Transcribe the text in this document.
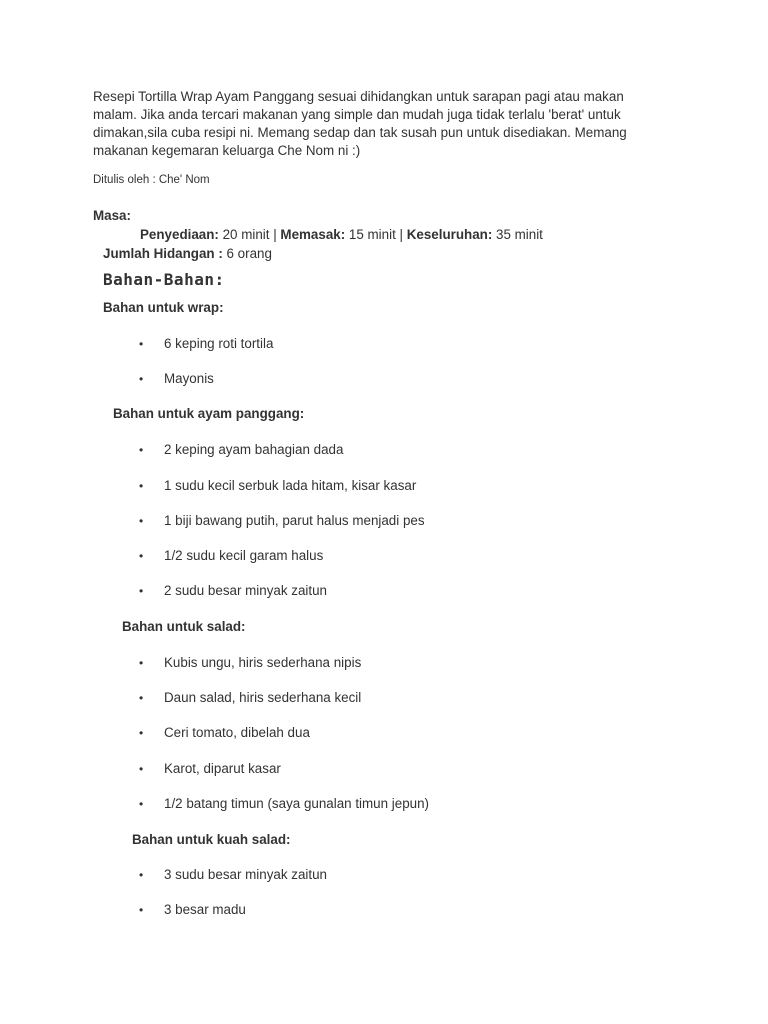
Resepi Tortilla Wrap Ayam Panggang sesuai dihidangkan untuk sarapan pagi atau makan malam. Jika anda tercari makanan yang simple dan mudah juga tidak terlalu 'berat' untuk dimakan,sila cuba resipi ni. Memang sedap dan tak susah pun untuk disediakan. Memang makanan kegemaran keluarga Che Nom ni :)

Ditulis oleh : Che' Nom

Masa:

Penyediaan: 20 minit | Memasak: 15 minit | Keseluruhan: 35 minit

Jumlah Hidangan : 6 orang

Bahan-Bahan:

Bahan untuk wrap:

• 6 keping roti tortila
• Mayonis

Bahan untuk ayam panggang:

• 2 keping ayam bahagian dada
• 1 sudu kecil serbuk lada hitam, kisar kasar
• 1 biji bawang putih, parut halus menjadi pes
• 1/2 sudu kecil garam halus
• 2 sudu besar minyak zaitun

Bahan untuk salad:

• Kubis ungu, hiris sederhana nipis
• Daun salad, hiris sederhana kecil
• Ceri tomato, dibelah dua
• Karot, diparut kasar
• 1/2 batang timun (saya gunalan timun jepun)

Bahan untuk kuah salad:

• 3 sudu besar minyak zaitun
• 3 besar madu
